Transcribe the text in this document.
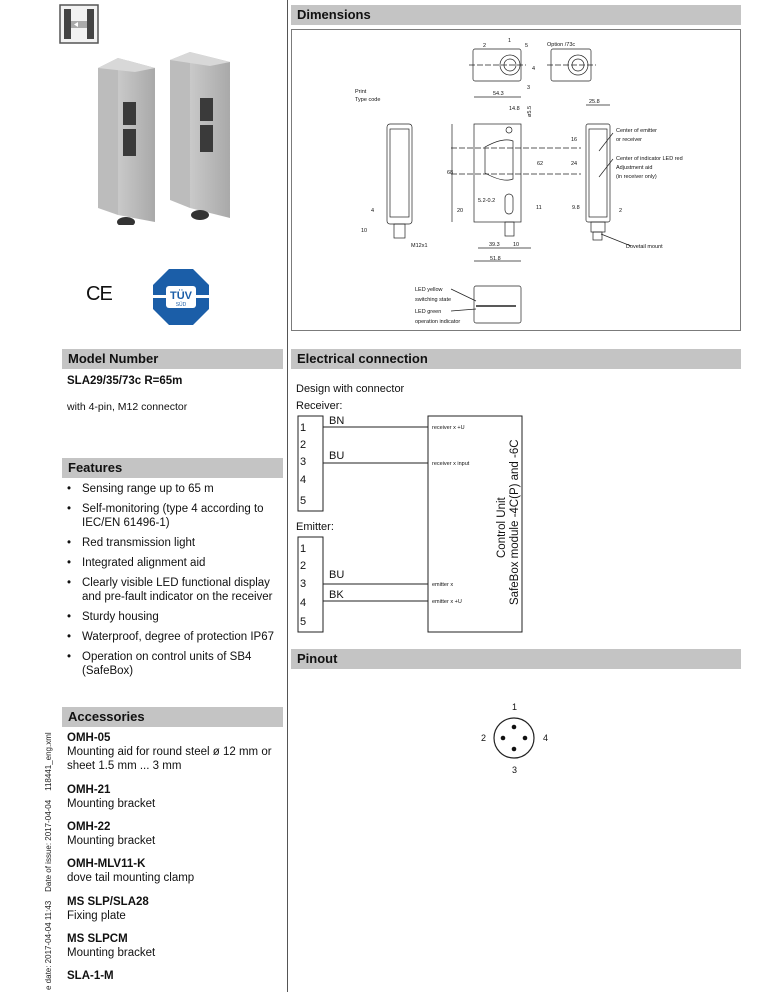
CE	TÜV
SÜD
Model Number
SLA29/35/73c R=65m
with 4-pin, M12 connector
Features
• Sensing range up to 65 m
• Self-monitoring (type 4 according to IEC/EN 61496-1)
• Red transmission light
• Integrated alignment aid
• Clearly visible LED functional display and pre-fault indicator on the receiver
• Sturdy housing
• Waterproof, degree of protection IP67
• Operation on control units of SB4 (SafeBox)
Accessories
OMH-05
Mounting aid for round steel ø 12 mm or sheet 1.5 mm ... 3 mm
OMH-21
Mounting bracket
OMH-22
Mounting bracket
OMH-MLV11-K
dove tail mounting clamp
MS SLP/SLA28
Fixing plate
MS SLPCM
Mounting bracket
SLA-1-M
e date: 2017-04-04 11:43    Date of issue: 2017-04-04    118441_eng.xml
Dimensions
2
1
5
4
3
Option /73c
Print
Type code
54.3
14.8 ø5.5
25.8
68
62
16
24
20
5.2-0.2
11
4
10
M12x1	39.3 10
51.8
9.8	2
Center of emitter
or receiver
Center of indicator LED red
Adjustment aid
(in receiver only)
Dovetail mount
LED yellow
switching state
LED green
operation indicator
Electrical connection
Design with connector
Receiver:
Emitter:
1
2
3
4
5
1
2
3
4
5
BN
BU
BU
BK
receiver x +U
receiver x input
emitter x
emitter x +U
Control Unit SafeBox module -4C(P) and -6C
Pinout
1
2
3
4
